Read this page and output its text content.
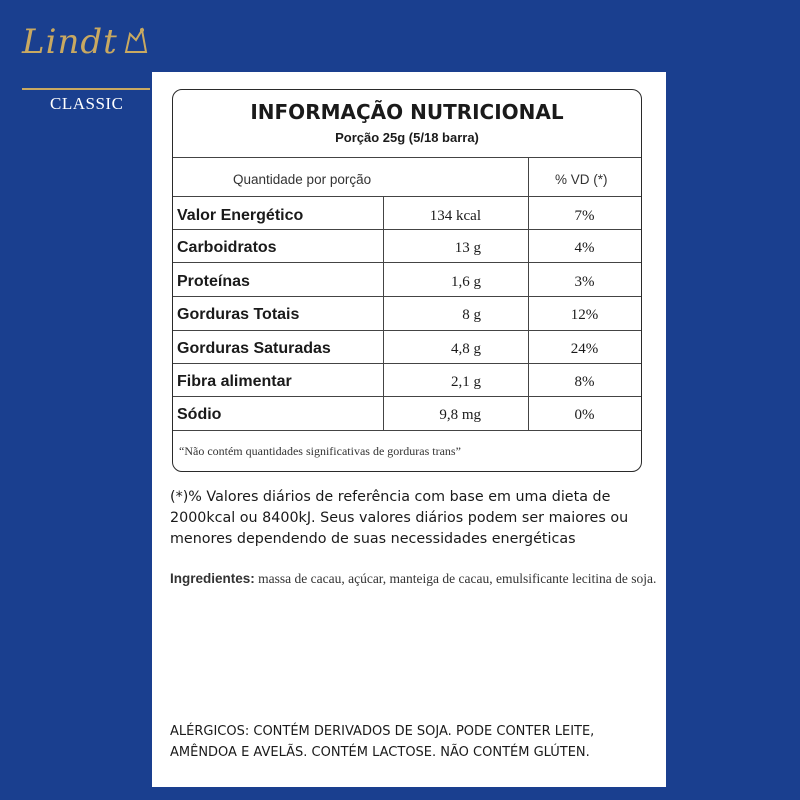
Lindt
CLASSIC	INFORMAÇÃO NUTRICIONAL
Porção 25g (5/18 barra)
Quantidade por porção	% VD (*)
Valor Energético	134 kcal	7%
Carboidratos	13 g	4%
Proteínas	1,6 g	3%
Gorduras Totais	8 g	12%
Gorduras Saturadas	4,8 g	24%
Fibra alimentar	2,1 g	8%
Sódio	9,8 mg	0%
“Não contém quantidades significativas de gorduras trans”
(*)% Valores diários de referência com base em uma dieta de 2000kcal ou 8400kJ. Seus valores diários podem ser maiores ou menores dependendo de suas necessidades energéticas
Ingredientes: massa de cacau, açúcar, manteiga de cacau, emulsificante lecitina de soja.
ALÉRGICOS: CONTÉM DERIVADOS DE SOJA. PODE CONTER LEITE, AMÊNDOA E AVELÃS. CONTÉM LACTOSE. NÃO CONTÉM GLÚTEN.
